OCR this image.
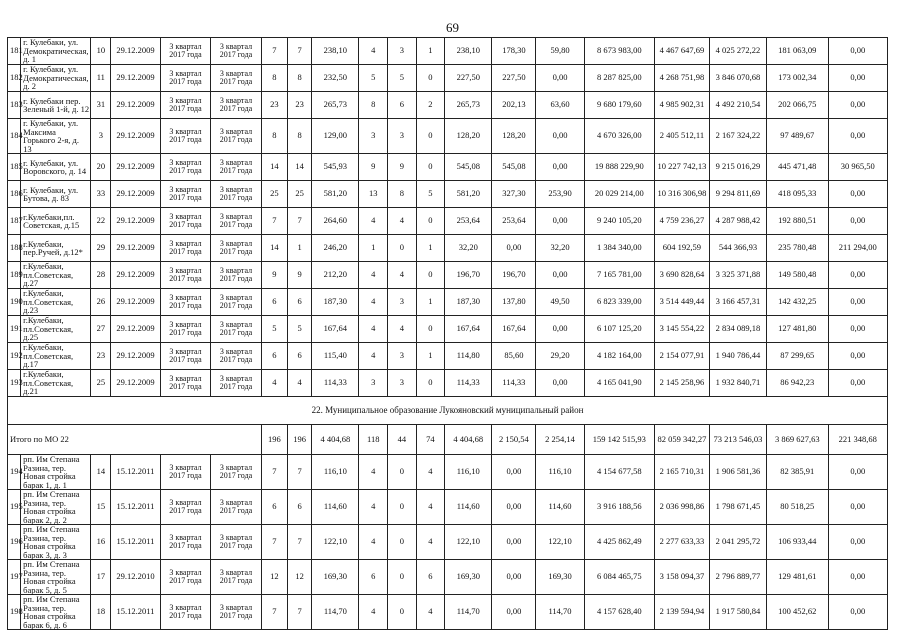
69
181	г. Кулебаки, ул. Демократическая, д. 1	10	29.12.2009	3 квартал 2017 года	3 квартал 2017 года	7	7	238,10	4	3	1	238,10	178,30	59,80	8 673 983,00	4 467 647,69	4 025 272,22	181 063,09	0,00
182	г. Кулебаки, ул. Демократическая, д. 2	11	29.12.2009	3 квартал 2017 года	3 квартал 2017 года	8	8	232,50	5	5	0	227,50	227,50	0,00	8 287 825,00	4 268 751,98	3 846 070,68	173 002,34	0,00
183	г. Кулебаки пер. Зеленый 1-й, д. 12	31	29.12.2009	3 квартал 2017 года	3 квартал 2017 года	23	23	265,73	8	6	2	265,73	202,13	63,60	9 680 179,60	4 985 902,31	4 492 210,54	202 066,75	0,00
184	г. Кулебаки, ул. Максима Горького 2-я, д. 13	3	29.12.2009	3 квартал 2017 года	3 квартал 2017 года	8	8	129,00	3	3	0	128,20	128,20	0,00	4 670 326,00	2 405 512,11	2 167 324,22	97 489,67	0,00
185	г. Кулебаки, ул. Воровского, д. 14	20	29.12.2009	3 квартал 2017 года	3 квартал 2017 года	14	14	545,93	9	9	0	545,08	545,08	0,00	19 888 229,90	10 227 742,13	9 215 016,29	445 471,48	30 965,50
186	г. Кулебаки, ул. Бутова, д. 83	33	29.12.2009	3 квартал 2017 года	3 квартал 2017 года	25	25	581,20	13	8	5	581,20	327,30	253,90	20 029 214,00	10 316 306,98	9 294 811,69	418 095,33	0,00
187	г.Кулебаки,пл. Советская, д.15	22	29.12.2009	3 квартал 2017 года	3 квартал 2017 года	7	7	264,60	4	4	0	253,64	253,64	0,00	9 240 105,20	4 759 236,27	4 287 988,42	192 880,51	0,00
188	г.Кулебаки, пер.Ручей, д.12*	29	29.12.2009	3 квартал 2017 года	3 квартал 2017 года	14	1	246,20	1	0	1	32,20	0,00	32,20	1 384 340,00	604 192,59	544 366,93	235 780,48	211 294,00
189	г.Кулебаки, пл.Советская, д.27	28	29.12.2009	3 квартал 2017 года	3 квартал 2017 года	9	9	212,20	4	4	0	196,70	196,70	0,00	7 165 781,00	3 690 828,64	3 325 371,88	149 580,48	0,00
190	г.Кулебаки, пл.Советская, д.23	26	29.12.2009	3 квартал 2017 года	3 квартал 2017 года	6	6	187,30	4	3	1	187,30	137,80	49,50	6 823 339,00	3 514 449,44	3 166 457,31	142 432,25	0,00
191	г.Кулебаки, пл.Советская, д.25	27	29.12.2009	3 квартал 2017 года	3 квартал 2017 года	5	5	167,64	4	4	0	167,64	167,64	0,00	6 107 125,20	3 145 554,22	2 834 089,18	127 481,80	0,00
192	г.Кулебаки, пл.Советская, д.17	23	29.12.2009	3 квартал 2017 года	3 квартал 2017 года	6	6	115,40	4	3	1	114,80	85,60	29,20	4 182 164,00	2 154 077,91	1 940 786,44	87 299,65	0,00
193	г.Кулебаки, пл.Советская, д.21	25	29.12.2009	3 квартал 2017 года	3 квартал 2017 года	4	4	114,33	3	3	0	114,33	114,33	0,00	4 165 041,90	2 145 258,96	1 932 840,71	86 942,23	0,00
22. Муниципальное образование Лукояновский муниципальный район																			
Итого по МО 22						196	196	4 404,68	118	44	74	4 404,68	2 150,54	2 254,14	159 142 515,93	82 059 342,27	73 213 546,03	3 869 627,63	221 348,68
194	рп. Им Степана Разина, тер. Новая стройка барак 1, д. 1	14	15.12.2011	3 квартал 2017 года	3 квартал 2017 года	7	7	116,10	4	0	4	116,10	0,00	116,10	4 154 677,58	2 165 710,31	1 906 581,36	82 385,91	0,00
195	рп. Им Степана Разина, тер. Новая стройка барак 2, д. 2	15	15.12.2011	3 квартал 2017 года	3 квартал 2017 года	6	6	114,60	4	0	4	114,60	0,00	114,60	3 916 188,56	2 036 998,86	1 798 671,45	80 518,25	0,00
196	рп. Им Степана Разина, тер. Новая стройка барак 3, д. 3	16	15.12.2011	3 квартал 2017 года	3 квартал 2017 года	7	7	122,10	4	0	4	122,10	0,00	122,10	4 425 862,49	2 277 633,33	2 041 295,72	106 933,44	0,00
197	рп. Им Степана Разина, тер. Новая стройка барак 5, д. 5	17	29.12.2010	3 квартал 2017 года	3 квартал 2017 года	12	12	169,30	6	0	6	169,30	0,00	169,30	6 084 465,75	3 158 094,37	2 796 889,77	129 481,61	0,00
198	рп. Им Степана Разина, тер. Новая стройка барак 6, д. 6	18	15.12.2011	3 квартал 2017 года	3 квартал 2017 года	7	7	114,70	4	0	4	114,70	0,00	114,70	4 157 628,40	2 139 594,94	1 917 580,84	100 452,62	0,00
